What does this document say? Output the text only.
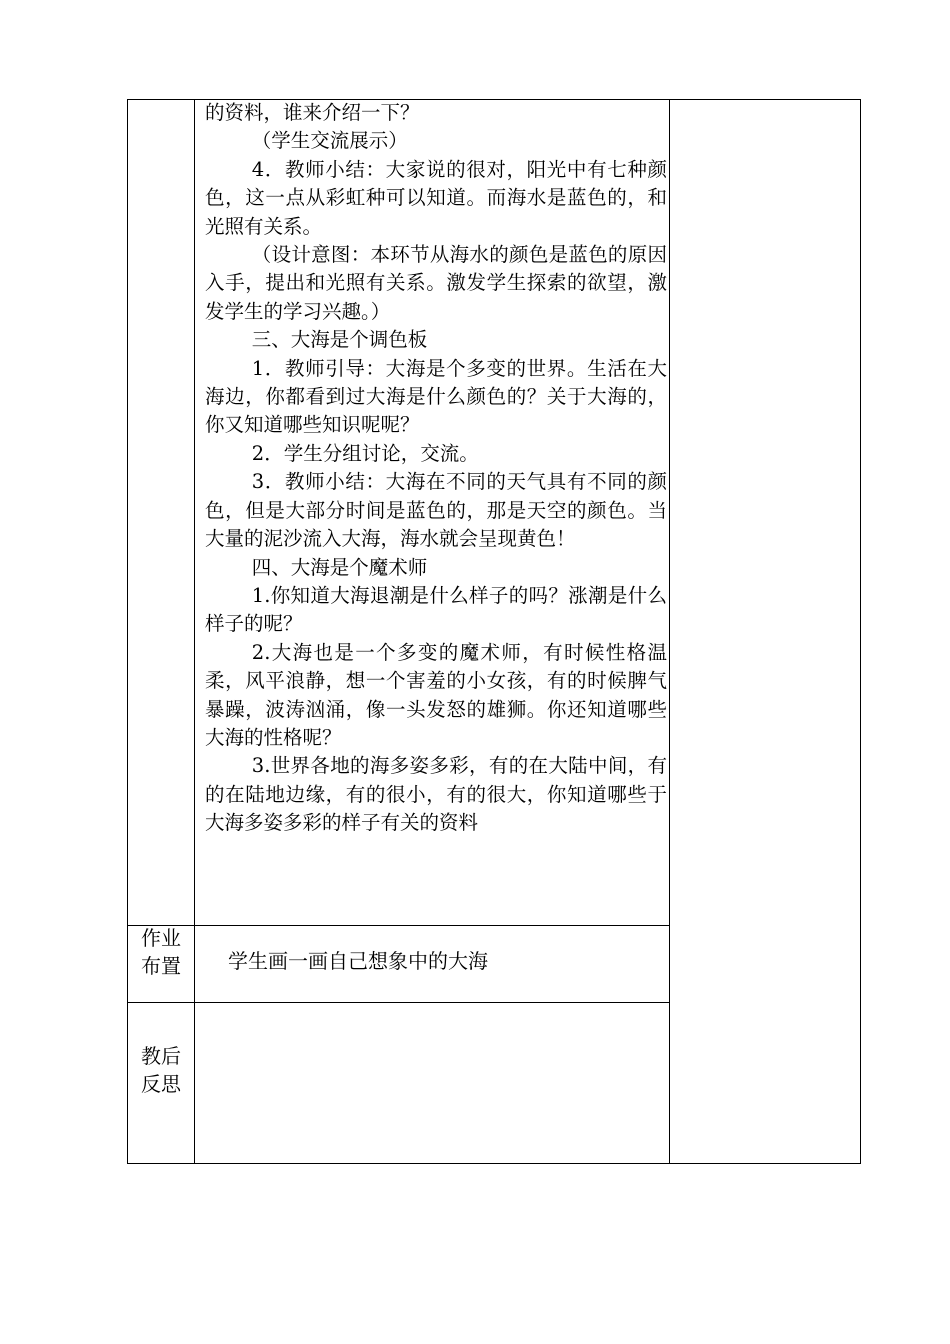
的资料，谁来介绍一下？

（学生交流展示）

4．教师小结：大家说的很对，阳光中有七种颜色，这一点从彩虹种可以知道。而海水是蓝色的，和光照有关系。

（设计意图：本环节从海水的颜色是蓝色的原因入手，提出和光照有关系。激发学生探索的欲望，激发学生的学习兴趣。）

三、大海是个调色板

1．教师引导：大海是个多变的世界。生活在大海边，你都看到过大海是什么颜色的？关于大海的，你又知道哪些知识呢呢？

2．学生分组讨论，交流。

3．教师小结：大海在不同的天气具有不同的颜色，但是大部分时间是蓝色的，那是天空的颜色。当大量的泥沙流入大海，海水就会呈现黄色！

四、大海是个魔术师

1.你知道大海退潮是什么样子的吗？涨潮是什么样子的呢？

2.大海也是一个多变的魔术师，有时候性格温柔，风平浪静，想一个害羞的小女孩，有的时候脾气暴躁，波涛汹涌，像一头发怒的雄狮。你还知道哪些大海的性格呢？

3.世界各地的海多姿多彩，有的在大陆中间，有的在陆地边缘，有的很小，有的很大，你知道哪些于大海多姿多彩的样子有关的资料

作业
布置	学生画一画自己想象中的大海
教后
反思
